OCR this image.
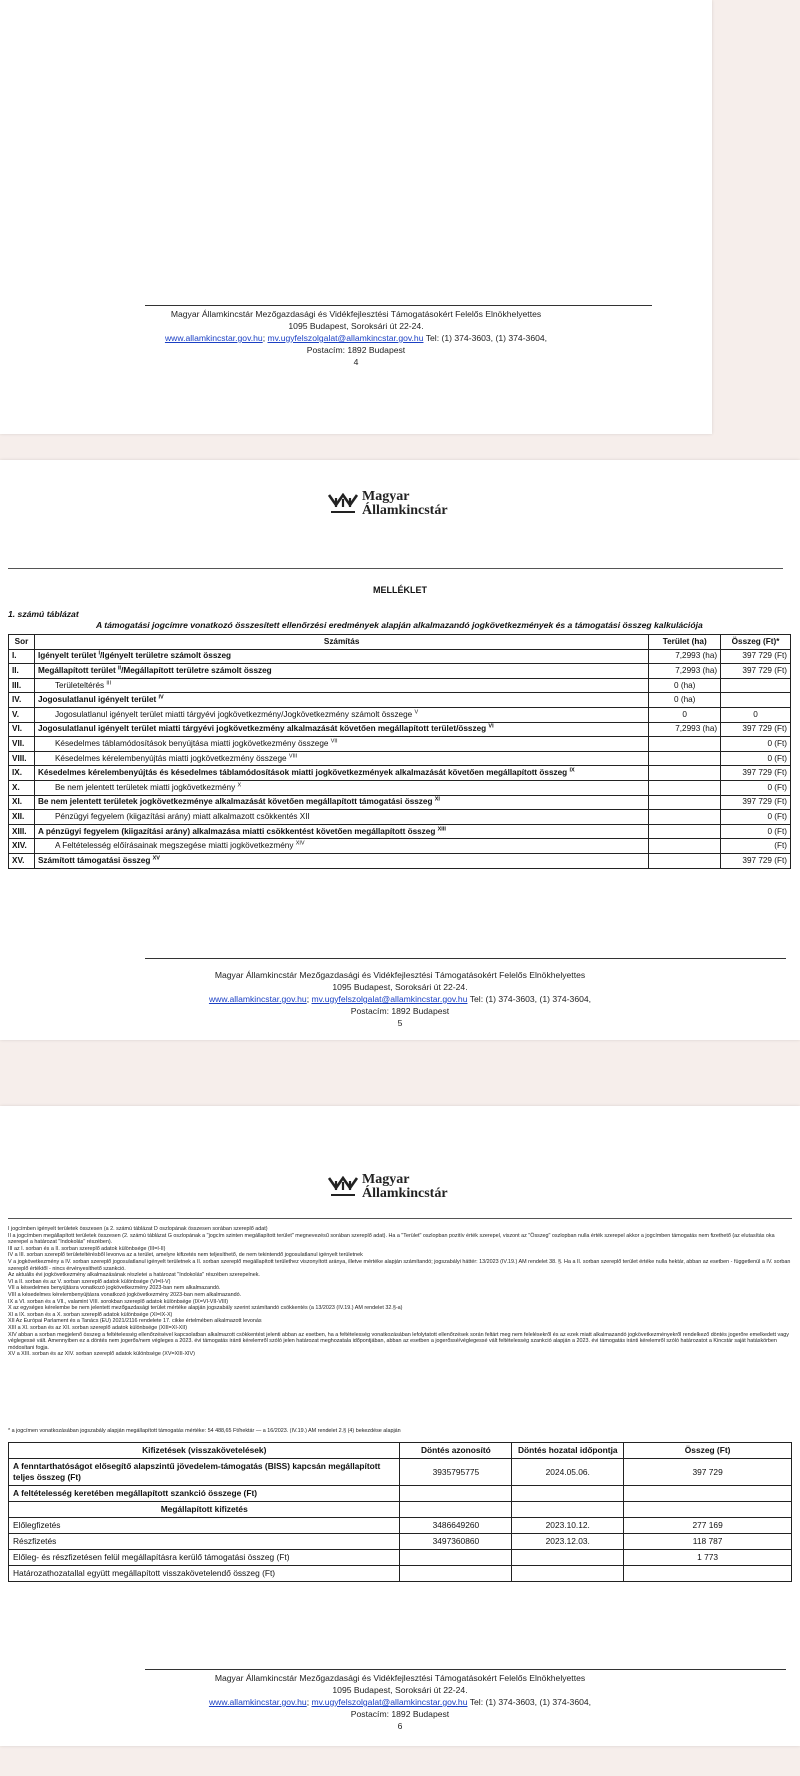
Magyar Államkincstár Mezőgazdasági és Vidékfejlesztési Támogatásokért Felelős Elnökhelyettes
1095 Budapest, Soroksári út 22-24.
www.allamkincstar.gov.hu; mv.ugyfelszolgalat@allamkincstar.gov.hu Tel: (1) 374-3603, (1) 374-3604,
Postacím: 1892 Budapest
4
Magyar
Államkincstár
MELLÉKLET
1. számú táblázat
A támogatási jogcímre vonatkozó összesített ellenőrzési eredmények alapján alkalmazandó jogkövetkezmények és a támogatási összeg kalkulációja
Sor	Számítás	Terület (ha)	Összeg (Ft)*
I.	Igényelt terület $^I$/Igényelt területre számolt összeg	7,2993 (ha)	397 729 (Ft)
II.	Megállapított terület $^{II}$/Megállapított területre számolt összeg	7,2993 (ha)	397 729 (Ft)
III.	Területeltérés $^{III}$	0 (ha)	
IV.	Jogosulatlanul igényelt terület $^{IV}$	0 (ha)	
V.	Jogosulatlanul igényelt terület miatti tárgyévi jogkövetkezmény/Jogkövetkezmény számolt összege $^V$	0	0
VI.	Jogosulatlanul igényelt terület miatti tárgyévi jogkövetkezmény alkalmazását követően megállapított terület/összeg $^{VI}$	7,2993 (ha)	397 729 (Ft)
VII.	Késedelmes táblamódosítások benyújtása miatti jogkövetkezmény összege $^{VII}$		0 (Ft)
VIII.	Késedelmes kérelembenyújtás miatti jogkövetkezmény összege $^{VIII}$		0 (Ft)
IX.	Késedelmes kérelembenyújtás és késedelmes táblamódosítások miatti jogkövetkezmények alkalmazását követően megállapított összeg $^{IX}$		397 729 (Ft)
X.	Be nem jelentett területek miatti jogkövetkezmény $^X$		0 (Ft)
XI.	Be nem jelentett területek jogkövetkezménye alkalmazását követően megállapított támogatási összeg $^{XI}$		397 729 (Ft)
XII.	Pénzügyi fegyelem (kiigazítási arány) miatt alkalmazott csökkentés XII		0 (Ft)
XIII.	A pénzügyi fegyelem (kiigazítási arány) alkalmazása miatti csökkentést követően megállapított összeg $^{XIII}$		0 (Ft)
XIV.	A Feltételesség előírásainak megszegése miatti jogkövetkezmény $^{XIV}$		(Ft)
XV.	Számított támogatási összeg $^{XV}$		397 729 (Ft)
Magyar Államkincstár Mezőgazdasági és Vidékfejlesztési Támogatásokért Felelős Elnökhelyettes
1095 Budapest, Soroksári út 22-24.
www.allamkincstar.gov.hu; mv.ugyfelszolgalat@allamkincstar.gov.hu Tel: (1) 374-3603, (1) 374-3604,
Postacím: 1892 Budapest
5
Magyar
Államkincstár
I jogcímben igényelt területek összesen (a 2. számú táblázat D oszlopának összesen sorában szereplő adat)
II a jogcímben megállapított területek összesen (2. számú táblázat G oszlopának a "jogcím szinten megállapított terület" megnevezésű sorában szereplő adat). Ha a "Terület" oszlopban pozitív érték szerepel, viszont az "Összeg" oszlopban nulla érték szerepel akkor a jogcímben támogatás nem fizethető (az elutasítás oka szerepel a határozat "Indokolás" részében).
III az I. sorban és a II. sorban szereplő adatok különbsége (III=I-II)
IV a III. sorban szereplő területeltérésből levonva az a terület, amelyre kifizetés nem teljesíthető, de nem tekintendő jogosulatlanul igényelt területnek
V a jogkövetkezmény a IV. sorban szereplő jogosulatlanul igényelt területnek a II. sorban szereplő megállapított területhez viszonyított aránya, illetve mértéke alapján számítandó; jogszabályi háttér: 13/2023 (IV.19.) AM rendelet 38. §. Ha a II. sorban szereplő terület értéke nulla hektár, abban az esetben - függetlenül a IV. sorban szereplő értéktől - nincs érvényesíthető szankció.
Az aktuális évi jogkövetkezmény alkalmazásának részletei a határozat "Indokolás" részében szerepelnek.
VI a II. sorban és az V. sorban szereplő adatok különbsége (VI=II-V)
VII a késedelmes benyújtásra vonatkozó jogkövetkezmény 2023-ban nem alkalmazandó.
VIII a késedelmes kérelembenyújtásra vonatkozó jogkövetkezmény 2023-ban nem alkalmazandó.
IX a VI. sorban és a VII., valamint VIII. sorokban szereplő adatok különbsége (IX=VI-VII-VIII)
X az egységes kérelembe be nem jelentett mezőgazdasági terület mértéke alapján jogszabály szerint számítandó csökkentés (a 13/2023 (IV.19.) AM rendelet 32.§-a)
XI a IX. sorban és a X. sorban szereplő adatok különbsége (XI=IX-X)
XII Az Európai Parlament és a Tanács (EU) 2021/2116 rendelete 17. cikke értelmében alkalmazott levonás
XIII a XI. sorban és az XII. sorban szereplő adatok különbsége (XIII=XI-XII)
XIV abban a sorban megjelenő összeg a feltételesség ellenőrzésével kapcsolatban alkalmazott csökkentést jelenti abban az esetben, ha a feltételesség vonatkozásában lefolytatott ellenőrzések során feltárt meg nem felelésekről és az ezek miatt alkalmazandó jogkövetkezményekről rendelkező döntés jogerőre emelkedett vagy véglegessé vált. Amennyiben ez a döntés nem jogerős/nem végleges a 2023. évi támogatás iránti kérelemről szóló jelen határozat meghozatala időpontjában, abban az esetben a jogerőssé/véglegessé vált feltételesség szankció alapján a 2023. évi támogatás iránti kérelemről szóló határozatot a Kincstár saját hatáskörben módosítani fogja.
XV a XIII. sorban és az XIV. sorban szereplő adatok különbsége (XV=XIII-XIV)
* a jogcímen vonatkozásában jogszabály alapján megállapított támogatás mértéke: 54 488,65 Ft/hektár — a 16/2023. (IV.19.) AM rendelet 2.§ (4) bekezdése alapján
Kifizetések (visszakövetelések)	Döntés azonosító	Döntés hozatal időpontja	Összeg (Ft)
A fenntarthatóságot elősegítő alapszintű jövedelem-támogatás (BISS) kapcsán megállapított teljes összeg (Ft)	3935795775	2024.05.06.	397 729
A feltételesség keretében megállapított szankció összege (Ft)			
Megállapított kifizetés			
Előlegfizetés	3486649260	2023.10.12.	277 169
Részfizetés	3497360860	2023.12.03.	118 787
Előleg- és részfizetésen felül megállapításra kerülő támogatási összeg (Ft)			1 773
Határozathozatallal együtt megállapított visszakövetelendő összeg (Ft)			
Magyar Államkincstár Mezőgazdasági és Vidékfejlesztési Támogatásokért Felelős Elnökhelyettes
1095 Budapest, Soroksári út 22-24.
www.allamkincstar.gov.hu; mv.ugyfelszolgalat@allamkincstar.gov.hu Tel: (1) 374-3603, (1) 374-3604,
Postacím: 1892 Budapest
6
